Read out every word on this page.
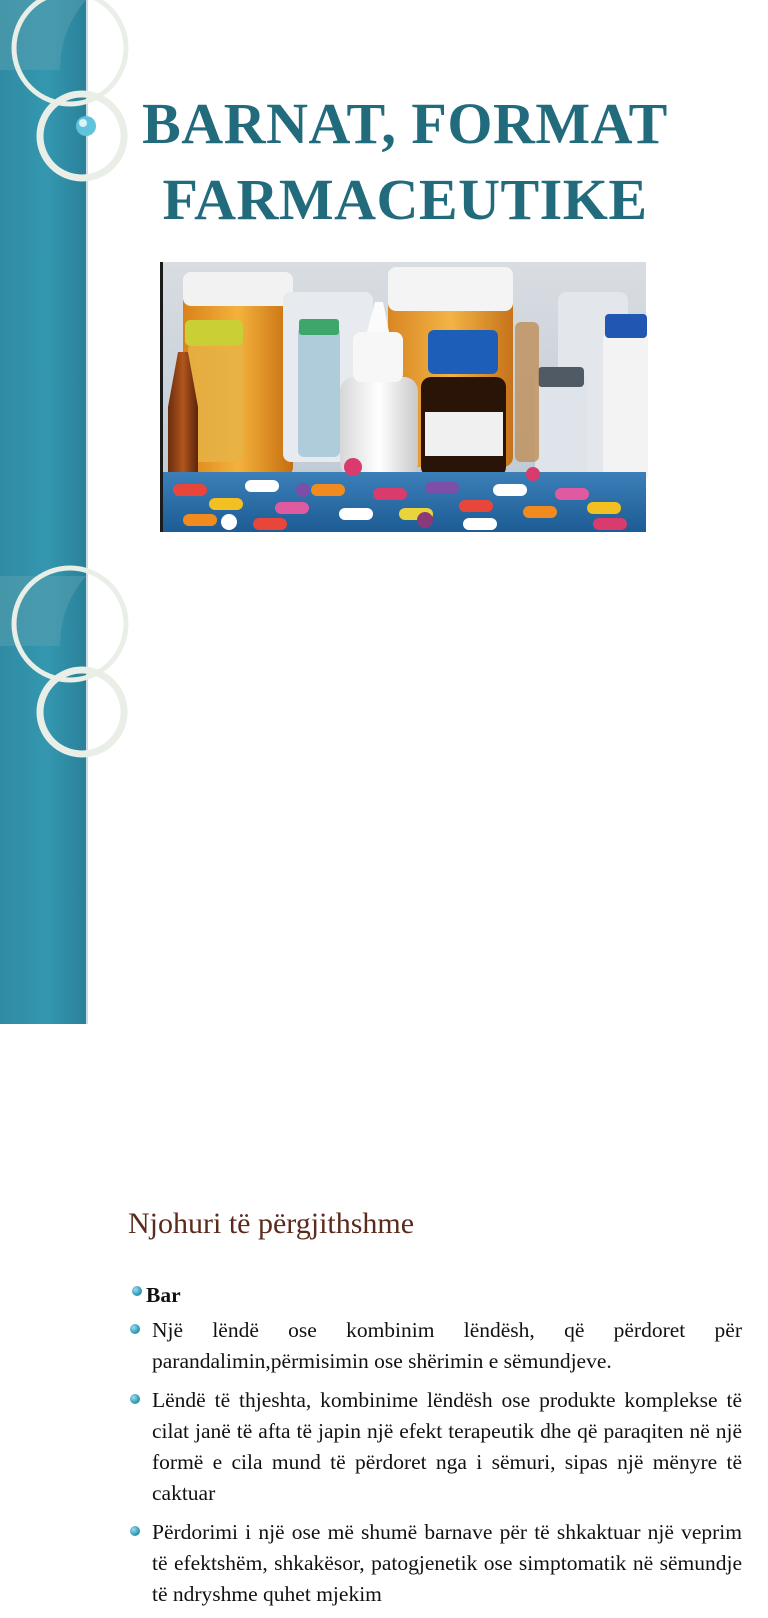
BARNAT, FORMAT
FARMACEUTIKE
Njohuri të përgjithshme
Bar
Një lëndë ose kombinim lëndësh, që përdoret për parandalimin,përmisimin ose shërimin e sëmundjeve.
Lëndë të thjeshta, kombinime lëndësh ose produkte komplekse të cilat janë të afta të japin një efekt terapeutik dhe që paraqiten në një formë e cila mund të përdoret nga i sëmuri, sipas një mënyre të caktuar
Përdorimi i një ose më shumë barnave për të shkaktuar një veprim të efektshëm, shkakësor, patogjenetik ose simptomatik në sëmundje të ndryshme quhet mjekim
